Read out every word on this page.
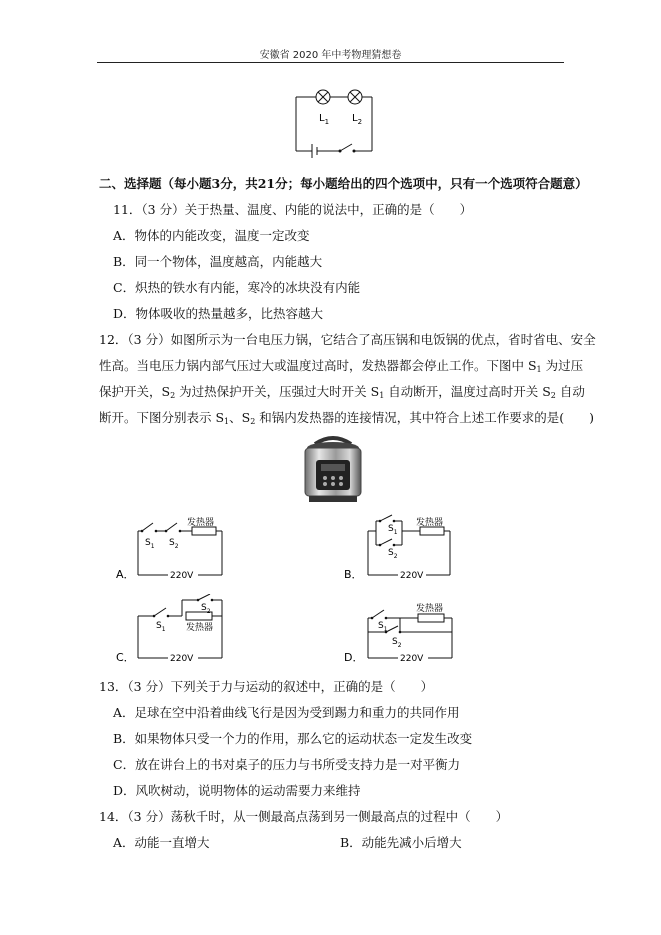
安徽省 2020 年中考物理猜想卷
$L_1$ $L_2$
二、选择题（每小题3分，共21分；每小题给出的四个选项中，只有一个选项符合题意）
11．（3 分）关于热量、温度、内能的说法中，正确的是（　　）
A．物体的内能改变，温度一定改变
B．同一个物体，温度越高，内能越大
C．炽热的铁水有内能，寒冷的冰块没有内能
D．物体吸收的热量越多，比热容越大
12．（3 分）如图所示为一台电压力锅，它结合了高压锅和电饭锅的优点，省时省电、安全
性高。当电压力锅内部气压过大或温度过高时，发热器都会停止工作。下图中 $S_1$ 为过压
保护开关，$S_2$ 为过热保护开关，压强过大时开关 $S_1$ 自动断开，温度过高时开关 $S_2$ 自动
断开。下图分别表示 $S_1$、$S_2$ 和锅内发热器的连接情况，其中符合上述工作要求的是(　　)
发热器
$S_1$ $S_2$
220V
A．
发热器
$S_1$
$S_2$
220V
B．
发热器
$S_1$
$S_2$
220V
C．
发热器
$S_1$
$S_2$
220V
D．
13．（3 分）下列关于力与运动的叙述中，正确的是（　　）
A．足球在空中沿着曲线飞行是因为受到踢力和重力的共同作用
B．如果物体只受一个力的作用，那么它的运动状态一定发生改变
C．放在讲台上的书对桌子的压力与书所受支持力是一对平衡力
D．风吹树动，说明物体的运动需要力来维持
14．（3 分）荡秋千时，从一侧最高点荡到另一侧最高点的过程中（　　）
A．动能一直增大	B．动能先减小后增大
